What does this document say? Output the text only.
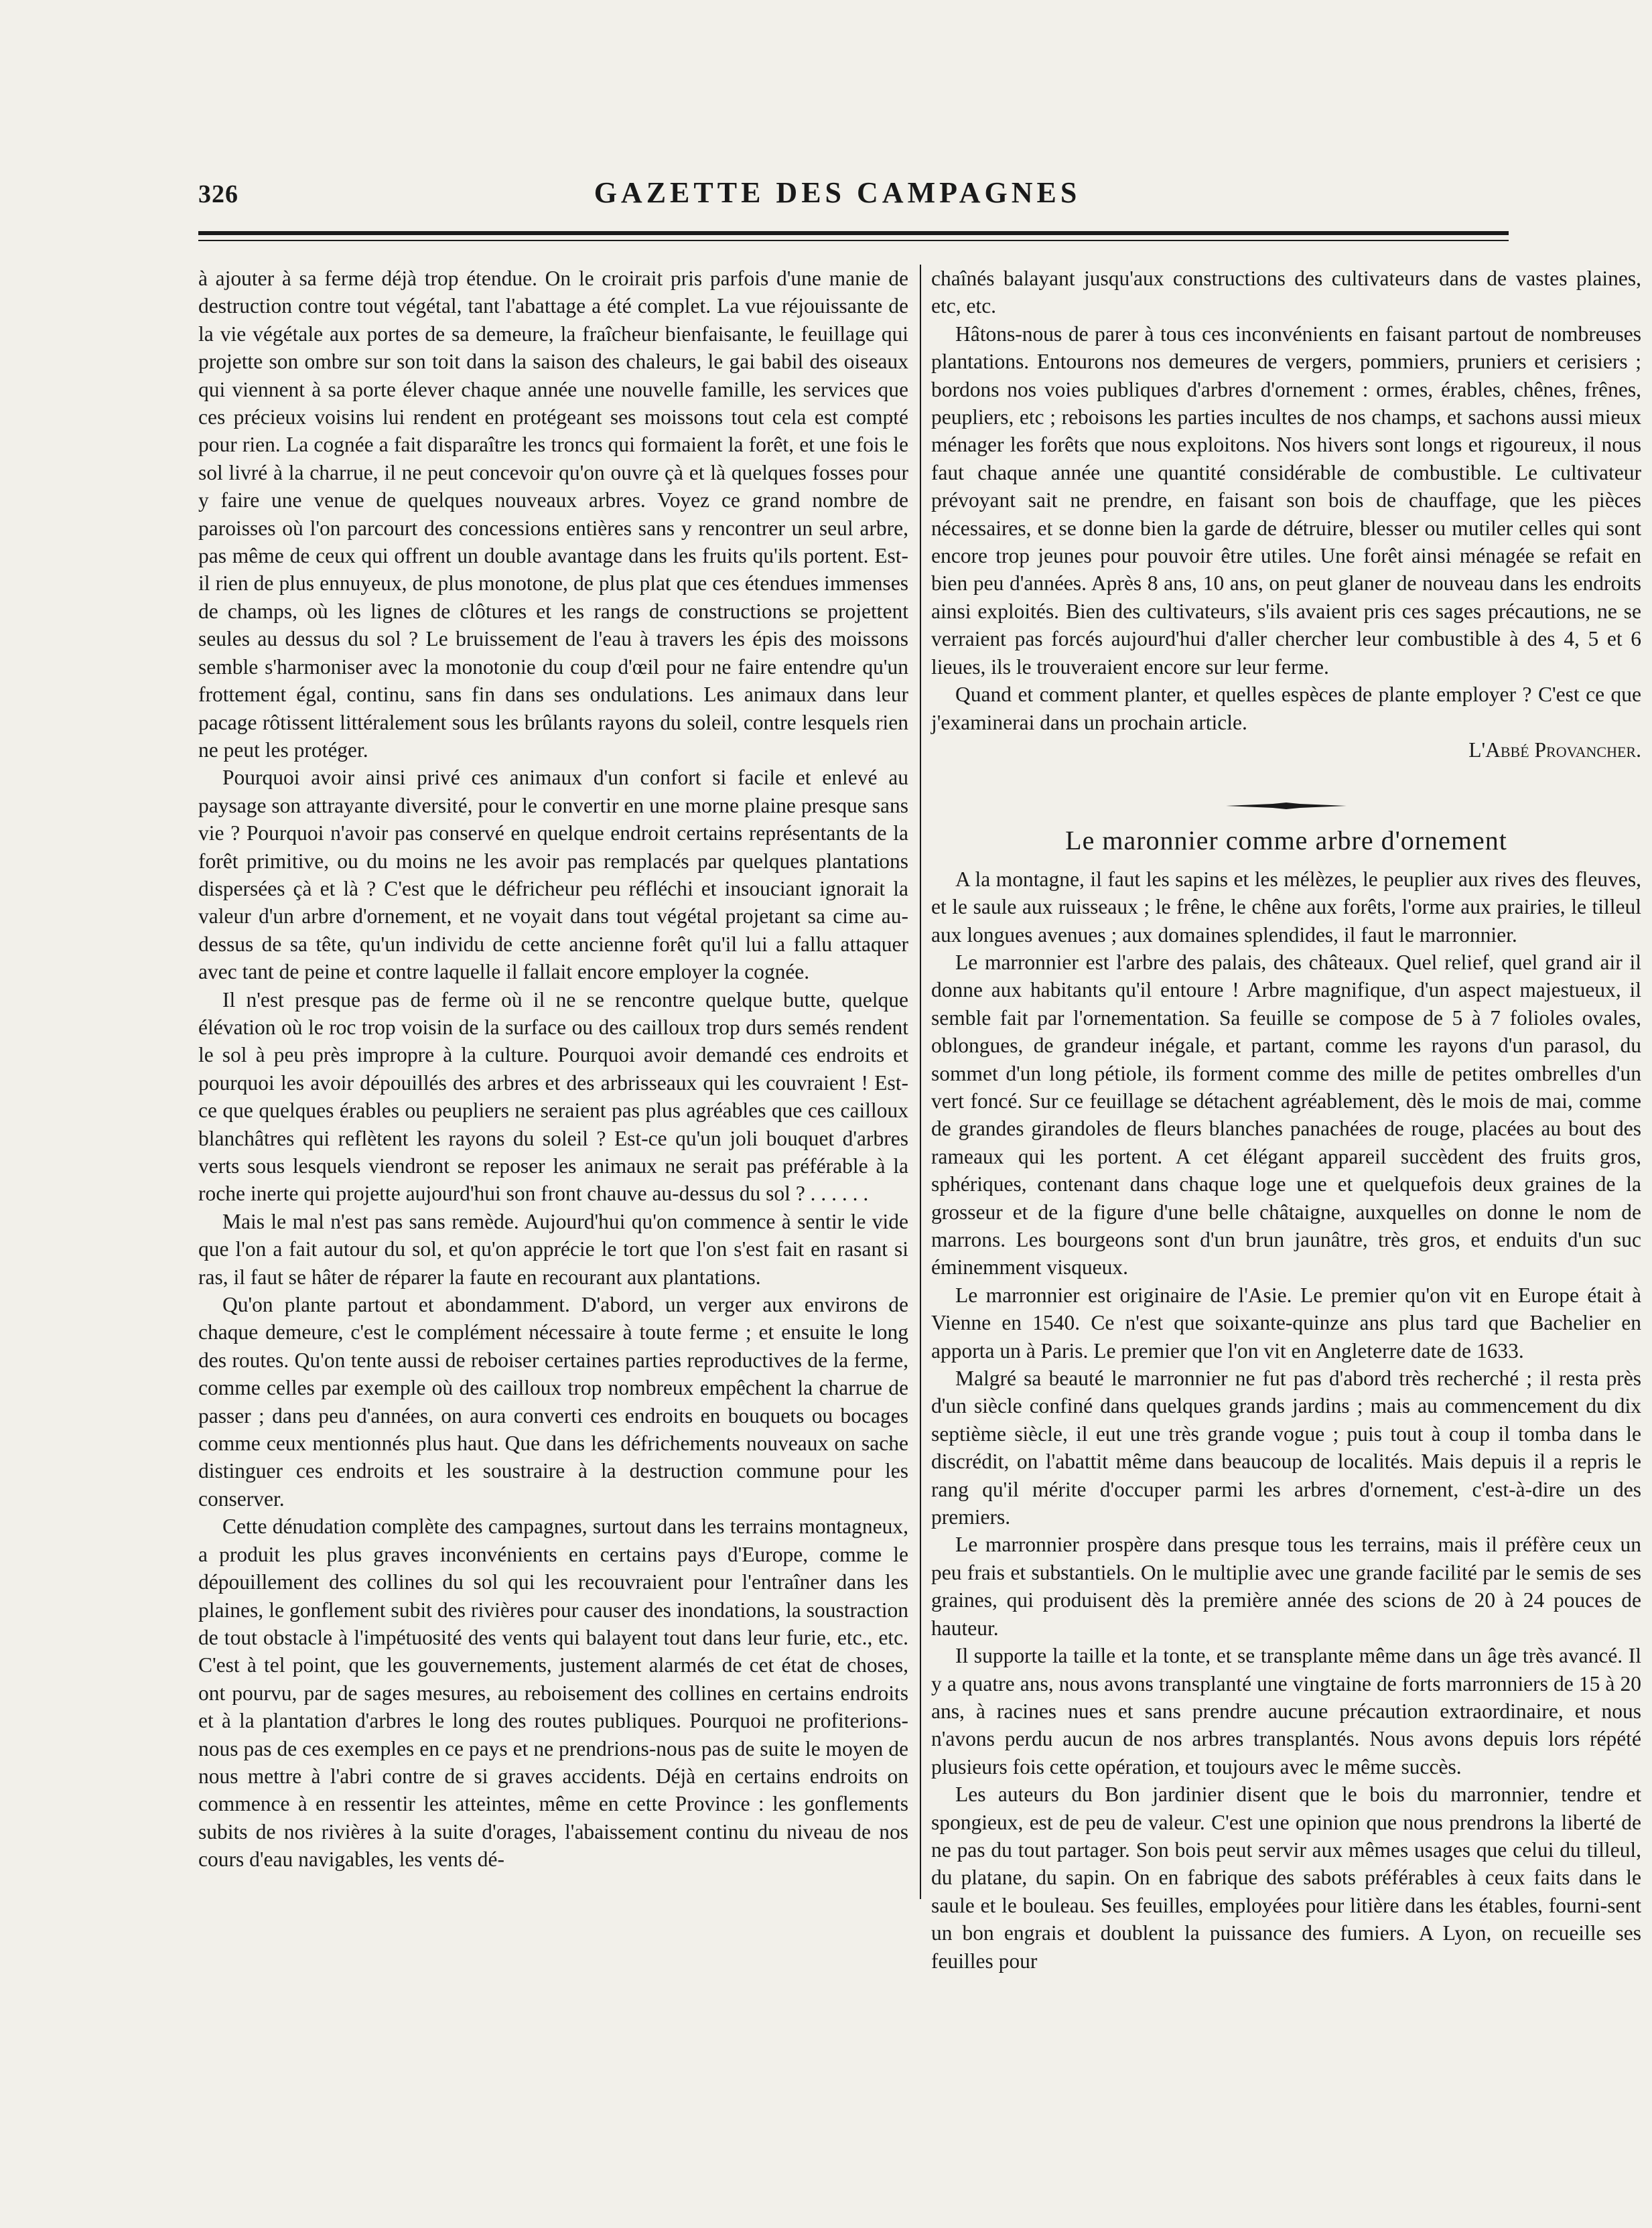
326	GAZETTE DES CAMPAGNES

à ajouter à sa ferme déjà trop étendue. On le croirait pris parfois d'une manie de destruction contre tout végétal, tant l'abattage a été complet. La vue réjouissante de la vie végétale aux portes de sa demeure, la fraîcheur bienfaisante, le feuillage qui projette son ombre sur son toit dans la saison des chaleurs, le gai babil des oiseaux qui viennent à sa porte élever chaque année une nouvelle famille, les services que ces précieux voisins lui rendent en protégeant ses moissons tout cela est compté pour rien. La cognée a fait disparaître les troncs qui formaient la forêt, et une fois le sol livré à la charrue, il ne peut concevoir qu'on ouvre çà et là quelques fosses pour y faire une venue de quelques nouveaux arbres. Voyez ce grand nombre de paroisses où l'on parcourt des concessions entières sans y rencontrer un seul arbre, pas même de ceux qui offrent un double avantage dans les fruits qu'ils portent. Est-il rien de plus ennuyeux, de plus monotone, de plus plat que ces étendues immenses de champs, où les lignes de clôtures et les rangs de constructions se projettent seules au dessus du sol ? Le bruissement de l'eau à travers les épis des moissons semble s'harmoniser avec la monotonie du coup d'œil pour ne faire entendre qu'un frottement égal, continu, sans fin dans ses ondulations. Les animaux dans leur pacage rôtissent littéralement sous les brûlants rayons du soleil, contre lesquels rien ne peut les protéger.

Pourquoi avoir ainsi privé ces animaux d'un confort si facile et enlevé au paysage son attrayante diversité, pour le convertir en une morne plaine presque sans vie ? Pourquoi n'avoir pas conservé en quelque endroit certains représentants de la forêt primitive, ou du moins ne les avoir pas remplacés par quelques plantations dispersées çà et là ? C'est que le défricheur peu réfléchi et insouciant ignorait la valeur d'un arbre d'ornement, et ne voyait dans tout végétal projetant sa cime au-dessus de sa tête, qu'un individu de cette ancienne forêt qu'il lui a fallu attaquer avec tant de peine et contre laquelle il fallait encore employer la cognée.

Il n'est presque pas de ferme où il ne se rencontre quelque butte, quelque élévation où le roc trop voisin de la surface ou des cailloux trop durs semés rendent le sol à peu près impropre à la culture. Pourquoi avoir demandé ces endroits et pourquoi les avoir dépouillés des arbres et des arbrisseaux qui les couvraient ! Est-ce que quelques érables ou peupliers ne seraient pas plus agréables que ces cailloux blanchâtres qui reflètent les rayons du soleil ? Est-ce qu'un joli bouquet d'arbres verts sous lesquels viendront se reposer les animaux ne serait pas préférable à la roche inerte qui projette aujourd'hui son front chauve au-dessus du sol ? . . . . . .

Mais le mal n'est pas sans remède. Aujourd'hui qu'on commence à sentir le vide que l'on a fait autour du sol, et qu'on apprécie le tort que l'on s'est fait en rasant si ras, il faut se hâter de réparer la faute en recourant aux plantations.

Qu'on plante partout et abondamment. D'abord, un verger aux environs de chaque demeure, c'est le complément nécessaire à toute ferme ; et ensuite le long des routes. Qu'on tente aussi de reboiser certaines parties reproductives de la ferme, comme celles par exemple où des cailloux trop nombreux empêchent la charrue de passer ; dans peu d'années, on aura converti ces endroits en bouquets ou bocages comme ceux mentionnés plus haut. Que dans les défrichements nouveaux on sache distinguer ces endroits et les soustraire à la destruction commune pour les conserver.

Cette dénudation complète des campagnes, surtout dans les terrains montagneux, a produit les plus graves inconvénients en certains pays d'Europe, comme le dépouillement des collines du sol qui les recouvraient pour l'entraîner dans les plaines, le gonflement subit des rivières pour causer des inondations, la soustraction de tout obstacle à l'impétuosité des vents qui balayent tout dans leur furie, etc., etc. C'est à tel point, que les gouvernements, justement alarmés de cet état de choses, ont pourvu, par de sages mesures, au reboisement des collines en certains endroits et à la plantation d'arbres le long des routes publiques. Pourquoi ne profiterions-nous pas de ces exemples en ce pays et ne prendrions-nous pas de suite le moyen de nous mettre à l'abri contre de si graves accidents. Déjà en certains endroits on commence à en ressentir les atteintes, même en cette Province : les gonflements subits de nos rivières à la suite d'orages, l'abaissement continu du niveau de nos cours d'eau navigables, les vents dé-

chaînés balayant jusqu'aux constructions des cultivateurs dans de vastes plaines, etc, etc.

Hâtons-nous de parer à tous ces inconvénients en faisant partout de nombreuses plantations. Entourons nos demeures de vergers, pommiers, pruniers et cerisiers ; bordons nos voies publiques d'arbres d'ornement : ormes, érables, chênes, frênes, peupliers, etc ; reboisons les parties incultes de nos champs, et sachons aussi mieux ménager les forêts que nous exploitons. Nos hivers sont longs et rigoureux, il nous faut chaque année une quantité considérable de combustible. Le cultivateur prévoyant sait ne prendre, en faisant son bois de chauffage, que les pièces nécessaires, et se donne bien la garde de détruire, blesser ou mutiler celles qui sont encore trop jeunes pour pouvoir être utiles. Une forêt ainsi ménagée se refait en bien peu d'années. Après 8 ans, 10 ans, on peut glaner de nouveau dans les endroits ainsi exploités. Bien des cultivateurs, s'ils avaient pris ces sages précautions, ne se verraient pas forcés aujourd'hui d'aller chercher leur combustible à des 4, 5 et 6 lieues, ils le trouveraient encore sur leur ferme.

Quand et comment planter, et quelles espèces de plante employer ? C'est ce que j'examinerai dans un prochain article.

L'Abbé Provancher.

Le maronnier comme arbre d'ornement

A la montagne, il faut les sapins et les mélèzes, le peuplier aux rives des fleuves, et le saule aux ruisseaux ; le frêne, le chêne aux forêts, l'orme aux prairies, le tilleul aux longues avenues ; aux domaines splendides, il faut le marronnier.

Le marronnier est l'arbre des palais, des châteaux. Quel relief, quel grand air il donne aux habitants qu'il entoure ! Arbre magnifique, d'un aspect majestueux, il semble fait par l'ornementation. Sa feuille se compose de 5 à 7 folioles ovales, oblongues, de grandeur inégale, et partant, comme les rayons d'un parasol, du sommet d'un long pétiole, ils forment comme des mille de petites ombrelles d'un vert foncé. Sur ce feuillage se détachent agréablement, dès le mois de mai, comme de grandes girandoles de fleurs blanches panachées de rouge, placées au bout des rameaux qui les portent. A cet élégant appareil succèdent des fruits gros, sphériques, contenant dans chaque loge une et quelquefois deux graines de la grosseur et de la figure d'une belle châtaigne, auxquelles on donne le nom de marrons. Les bourgeons sont d'un brun jaunâtre, très gros, et enduits d'un suc éminemment visqueux.

Le marronnier est originaire de l'Asie. Le premier qu'on vit en Europe était à Vienne en 1540. Ce n'est que soixante-quinze ans plus tard que Bachelier en apporta un à Paris. Le premier que l'on vit en Angleterre date de 1633.

Malgré sa beauté le marronnier ne fut pas d'abord très recherché ; il resta près d'un siècle confiné dans quelques grands jardins ; mais au commencement du dix septième siècle, il eut une très grande vogue ; puis tout à coup il tomba dans le discrédit, on l'abattit même dans beaucoup de localités. Mais depuis il a repris le rang qu'il mérite d'occuper parmi les arbres d'ornement, c'est-à-dire un des premiers.

Le marronnier prospère dans presque tous les terrains, mais il préfère ceux un peu frais et substantiels. On le multiplie avec une grande facilité par le semis de ses graines, qui produisent dès la première année des scions de 20 à 24 pouces de hauteur.

Il supporte la taille et la tonte, et se transplante même dans un âge très avancé. Il y a quatre ans, nous avons transplanté une vingtaine de forts marronniers de 15 à 20 ans, à racines nues et sans prendre aucune précaution extraordinaire, et nous n'avons perdu aucun de nos arbres transplantés. Nous avons depuis lors répété plusieurs fois cette opération, et toujours avec le même succès.

Les auteurs du Bon jardinier disent que le bois du marronnier, tendre et spongieux, est de peu de valeur. C'est une opinion que nous prendrons la liberté de ne pas du tout partager. Son bois peut servir aux mêmes usages que celui du tilleul, du platane, du sapin. On en fabrique des sabots préférables à ceux faits dans le saule et le bouleau. Ses feuilles, employées pour litière dans les étables, fourni-sent un bon engrais et doublent la puissance des fumiers. A Lyon, on recueille ses feuilles pour
